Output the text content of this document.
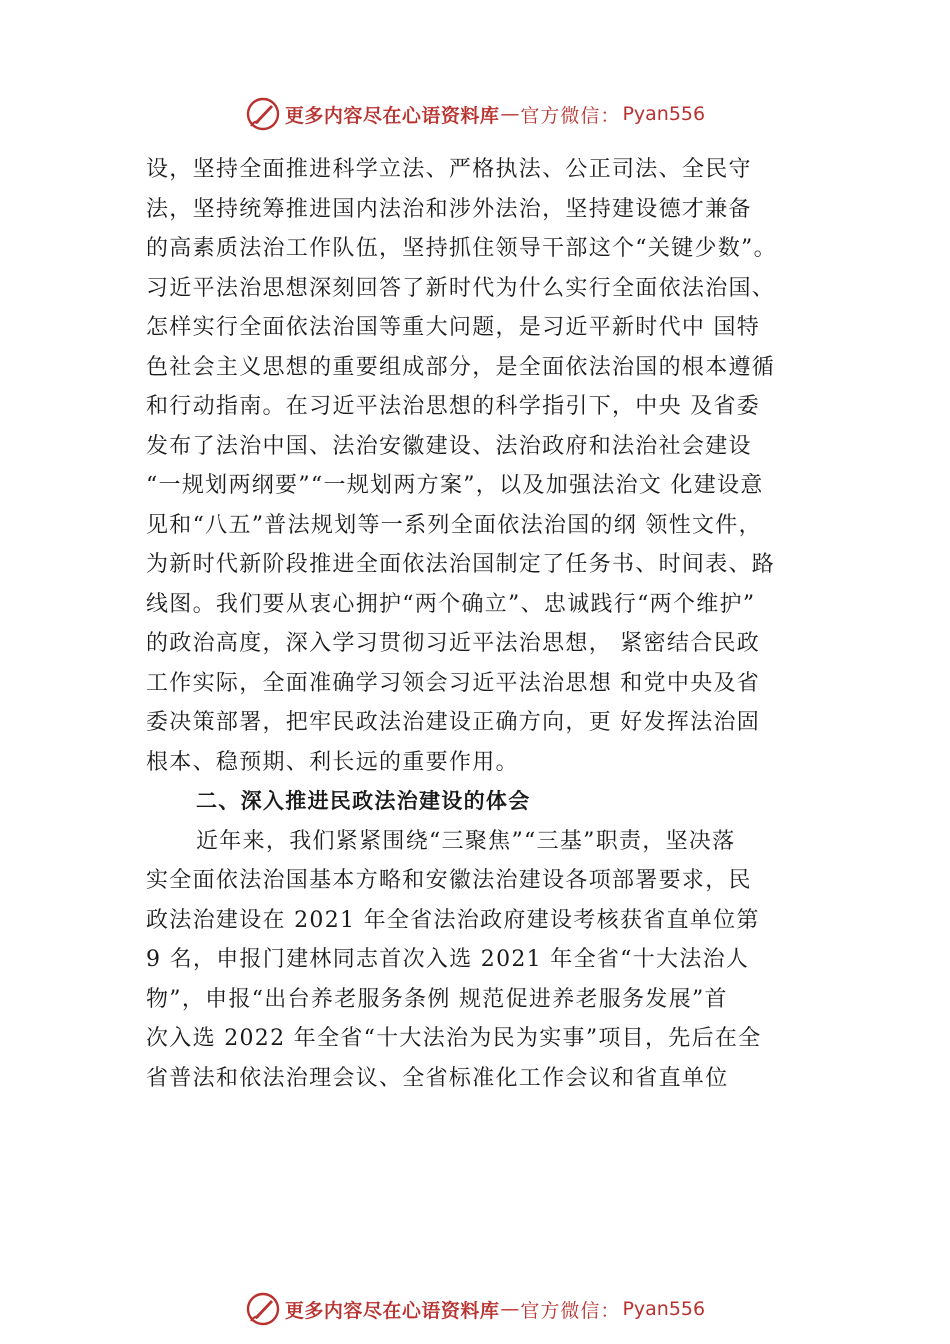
更多内容尽在心语资料库 — 官方微信： Pyan556
设，坚持全面推进科学立法、严格执法、公正司法、全民守
法，坚持统筹推进国内法治和涉外法治，坚持建设德才兼备
的高素质法治工作队伍，坚持抓住领导干部这个“关键少数”。
习近平法治思想深刻回答了新时代为什么实行全面依法治国、
怎样实行全面依法治国等重大问题，是习近平新时代中 国特
色社会主义思想的重要组成部分，是全面依法治国的根本遵循
和行动指南。在习近平法治思想的科学指引下，中央 及省委
发布了法治中国、法治安徽建设、法治政府和法治社会建设
“一规划两纲要”“一规划两方案”，以及加强法治文 化建设意
见和“八五”普法规划等一系列全面依法治国的纲 领性文件，
为新时代新阶段推进全面依法治国制定了任务书、时间表、路
线图。我们要从衷心拥护“两个确立”、忠诚践行“两个维护”
的政治高度，深入学习贯彻习近平法治思想， 紧密结合民政
工作实际，全面准确学习领会习近平法治思想 和党中央及省
委决策部署，把牢民政法治建设正确方向，更 好发挥法治固
根本、稳预期、利长远的重要作用。
二、深入推进民政法治建设的体会
近年来，我们紧紧围绕“三聚焦”“三基”职责，坚决落
实全面依法治国基本方略和安徽法治建设各项部署要求，民
政法治建设在 2021 年全省法治政府建设考核获省直单位第
9 名，申报门建林同志首次入选 2021 年全省“十大法治人
物”，申报“出台养老服务条例 规范促进养老服务发展”首
次入选 2022 年全省“十大法治为民为实事”项目，先后在全
省普法和依法治理会议、全省标准化工作会议和省直单位
更多内容尽在心语资料库 — 官方微信： Pyan556
